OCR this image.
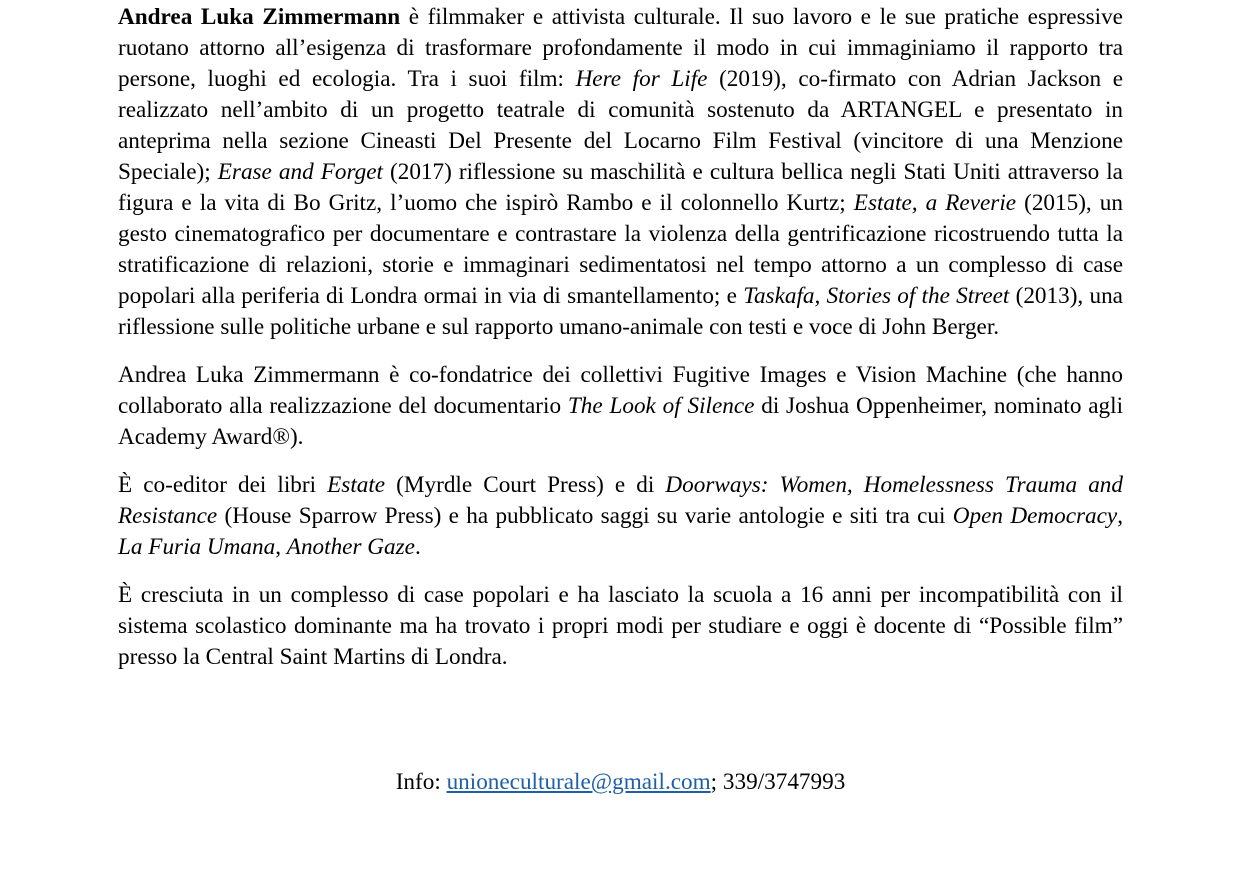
Andrea Luka Zimmermann è filmmaker e attivista culturale. Il suo lavoro e le sue pratiche espressive ruotano attorno all’esigenza di trasformare profondamente il modo in cui immaginiamo il rapporto tra persone, luoghi ed ecologia. Tra i suoi film: Here for Life (2019), co-firmato con Adrian Jackson e realizzato nell’ambito di un progetto teatrale di comunità sostenuto da ARTANGEL e presentato in anteprima nella sezione Cineasti Del Presente del Locarno Film Festival (vincitore di una Menzione Speciale); Erase and Forget (2017) riflessione su maschilità e cultura bellica negli Stati Uniti attraverso la figura e la vita di Bo Gritz, l’uomo che ispirò Rambo e il colonnello Kurtz; Estate, a Reverie (2015), un gesto cinematografico per documentare e contrastare la violenza della gentrificazione ricostruendo tutta la stratificazione di relazioni, storie e immaginari sedimentatosi nel tempo attorno a un complesso di case popolari alla periferia di Londra ormai in via di smantellamento; e Taskafa, Stories of the Street (2013), una riflessione sulle politiche urbane e sul rapporto umano-animale con testi e voce di John Berger.

Andrea Luka Zimmermann è co-fondatrice dei collettivi Fugitive Images e Vision Machine (che hanno collaborato alla realizzazione del documentario The Look of Silence di Joshua Oppenheimer, nominato agli Academy Award®).

È co-editor dei libri Estate (Myrdle Court Press) e di Doorways: Women, Homelessness Trauma and Resistance (House Sparrow Press) e ha pubblicato saggi su varie antologie e siti tra cui Open Democracy, La Furia Umana, Another Gaze.

È cresciuta in un complesso di case popolari e ha lasciato la scuola a 16 anni per incompatibilità con il sistema scolastico dominante ma ha trovato i propri modi per studiare e oggi è docente di “Possible film” presso la Central Saint Martins di Londra.

Info: unioneculturale@gmail.com; 339/3747993
